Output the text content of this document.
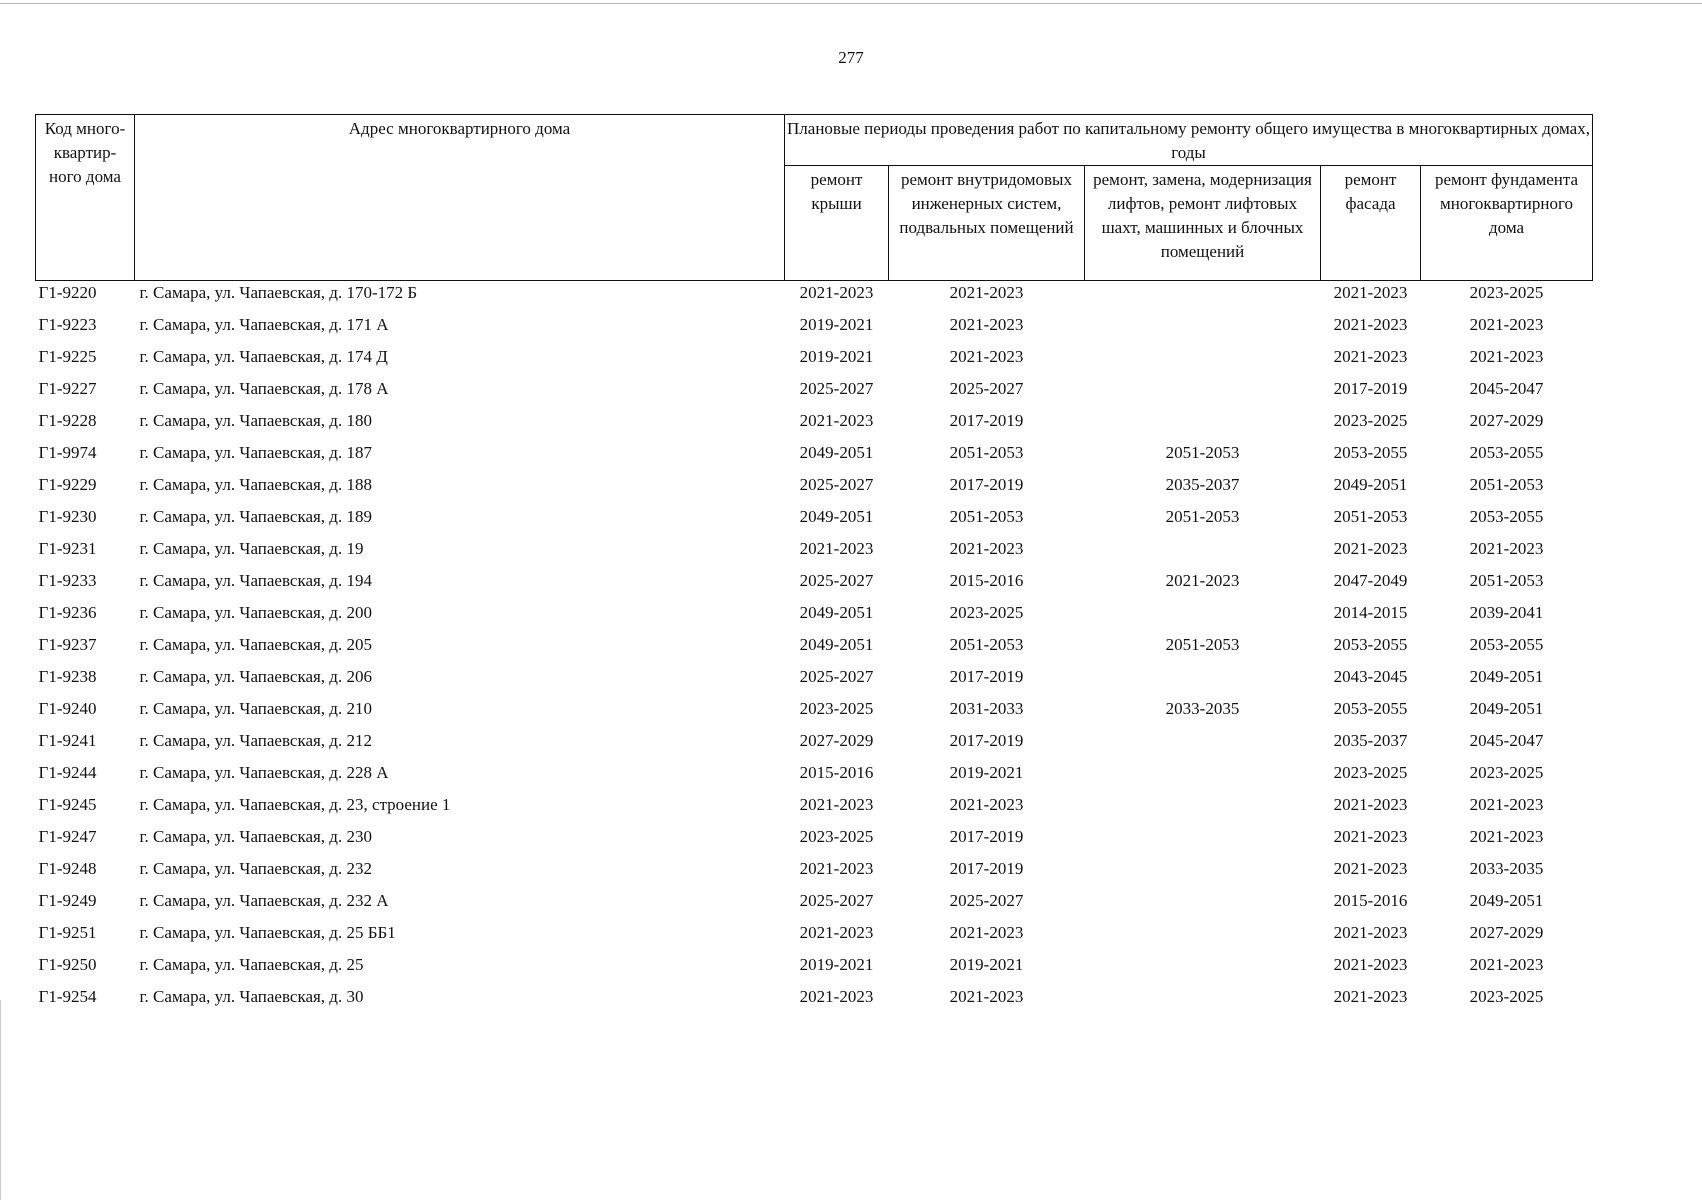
277
Код много- квартир- ного дома	Адрес многоквартирного дома	Плановые периоды проведения работ по капитальному ремонту общего имущества в многоквартирных домах, годы				
		ремонт крыши	ремонт внутридомовых инженерных систем, подвальных помещений	ремонт, замена, модернизация лифтов, ремонт лифтовых шахт, машинных и блочных помещений	ремонт фасада	ремонт фундамента многоквартирного дома
Г1-9220	г. Самара, ул. Чапаевская, д. 170-172 Б	2021-2023	2021-2023		2021-2023	2023-2025
Г1-9223	г. Самара, ул. Чапаевская, д. 171 А	2019-2021	2021-2023		2021-2023	2021-2023
Г1-9225	г. Самара, ул. Чапаевская, д. 174 Д	2019-2021	2021-2023		2021-2023	2021-2023
Г1-9227	г. Самара, ул. Чапаевская, д. 178 А	2025-2027	2025-2027		2017-2019	2045-2047
Г1-9228	г. Самара, ул. Чапаевская, д. 180	2021-2023	2017-2019		2023-2025	2027-2029
Г1-9974	г. Самара, ул. Чапаевская, д. 187	2049-2051	2051-2053	2051-2053	2053-2055	2053-2055
Г1-9229	г. Самара, ул. Чапаевская, д. 188	2025-2027	2017-2019	2035-2037	2049-2051	2051-2053
Г1-9230	г. Самара, ул. Чапаевская, д. 189	2049-2051	2051-2053	2051-2053	2051-2053	2053-2055
Г1-9231	г. Самара, ул. Чапаевская, д. 19	2021-2023	2021-2023		2021-2023	2021-2023
Г1-9233	г. Самара, ул. Чапаевская, д. 194	2025-2027	2015-2016	2021-2023	2047-2049	2051-2053
Г1-9236	г. Самара, ул. Чапаевская, д. 200	2049-2051	2023-2025		2014-2015	2039-2041
Г1-9237	г. Самара, ул. Чапаевская, д. 205	2049-2051	2051-2053	2051-2053	2053-2055	2053-2055
Г1-9238	г. Самара, ул. Чапаевская, д. 206	2025-2027	2017-2019		2043-2045	2049-2051
Г1-9240	г. Самара, ул. Чапаевская, д. 210	2023-2025	2031-2033	2033-2035	2053-2055	2049-2051
Г1-9241	г. Самара, ул. Чапаевская, д. 212	2027-2029	2017-2019		2035-2037	2045-2047
Г1-9244	г. Самара, ул. Чапаевская, д. 228 А	2015-2016	2019-2021		2023-2025	2023-2025
Г1-9245	г. Самара, ул. Чапаевская, д. 23, строение 1	2021-2023	2021-2023		2021-2023	2021-2023
Г1-9247	г. Самара, ул. Чапаевская, д. 230	2023-2025	2017-2019		2021-2023	2021-2023
Г1-9248	г. Самара, ул. Чапаевская, д. 232	2021-2023	2017-2019		2021-2023	2033-2035
Г1-9249	г. Самара, ул. Чапаевская, д. 232 А	2025-2027	2025-2027		2015-2016	2049-2051
Г1-9251	г. Самара, ул. Чапаевская, д. 25 ББ1	2021-2023	2021-2023		2021-2023	2027-2029
Г1-9250	г. Самара, ул. Чапаевская, д. 25	2019-2021	2019-2021		2021-2023	2021-2023
Г1-9254	г. Самара, ул. Чапаевская, д. 30	2021-2023	2021-2023		2021-2023	2023-2025
